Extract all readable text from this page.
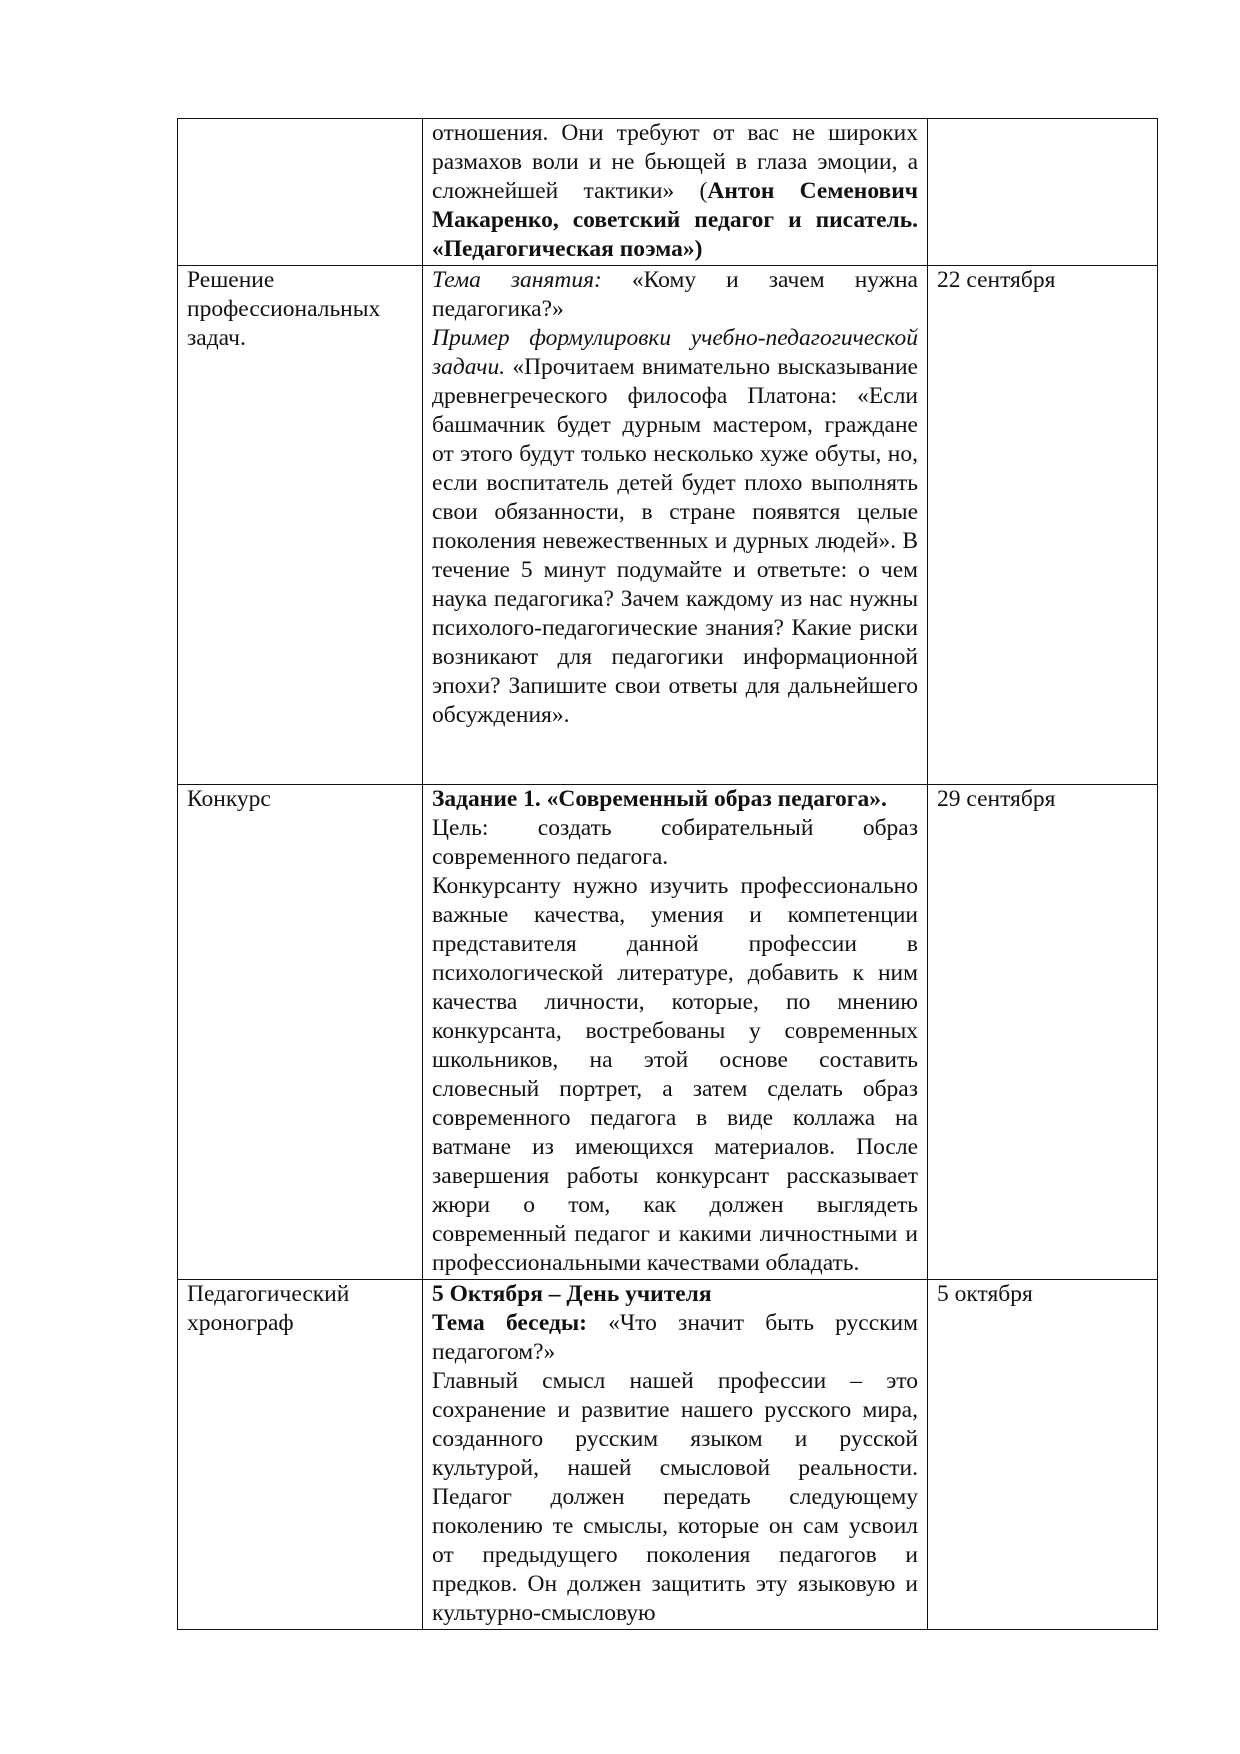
	отношения. Они требуют от вас не широких размахов воли и не бьющей в глаза эмоции, а сложнейшей тактики» (Антон Семенович Макаренко, советский педагог и писатель. «Педагогическая поэма»)	

Решение профессиональных задач.	Тема занятия: «Кому и зачем нужна педагогика?»

Пример формулировки учебно-педагогической задачи. «Прочитаем внимательно высказывание древнегреческого философа Платона: «Если башмачник будет дурным мастером, граждане от этого будут только несколько хуже обуты, но, если воспитатель детей будет плохо выполнять свои обязанности, в стране появятся целые поколения невежественных и дурных людей». В течение 5 минут подумайте и ответьте: о чем наука педагогика? Зачем каждому из нас нужны психолого-педагогические знания? Какие риски возникают для педагогики информационной эпохи? Запишите свои ответы для дальнейшего обсуждения».	22 сентября
Конкурс	Задание 1. «Современный образ педагога».

Цель: создать собирательный образ современного педагога.

Конкурсанту нужно изучить профессионально важные качества, умения и компетенции представителя данной профессии в психологической литературе, добавить к ним качества личности, которые, по мнению конкурсанта, востребованы у современных школьников, на этой основе составить словесный портрет, а затем сделать образ современного педагога в виде коллажа на ватмане из имеющихся материалов. После завершения работы конкурсант рассказывает жюри о том, как должен выглядеть современный педагог и какими личностными и профессиональными качествами обладать.	29 сентября
Педагогический хронограф	5 Октября – День учителя

Тема беседы: «Что значит быть русским педагогом?»

Главный смысл нашей профессии – это сохранение и развитие нашего русского мира, созданного русским языком и русской культурой, нашей смысловой реальности. Педагог должен передать следующему поколению те смыслы, которые он сам усвоил от предыдущего поколения педагогов и предков. Он должен защитить эту языковую и культурно-смысловую	5 октября
